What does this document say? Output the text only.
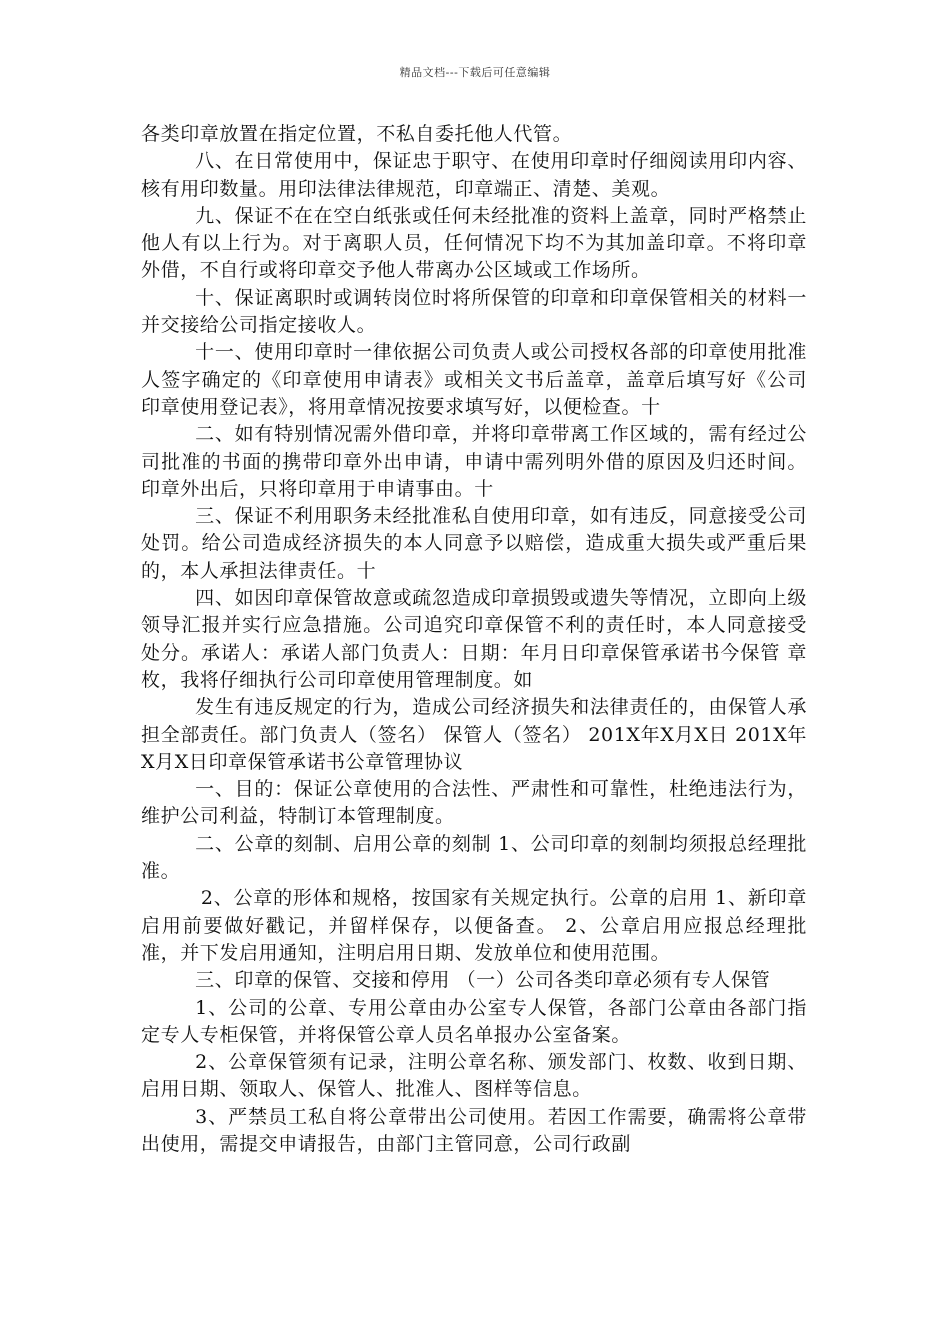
精品文档---下载后可任意编辑

各类印章放置在指定位置，不私自委托他人代管。

八、在日常使用中，保证忠于职守、在使用印章时仔细阅读用印内容、核有用印数量。用印法律法律规范，印章端正、清楚、美观。

九、保证不在在空白纸张或任何未经批准的资料上盖章，同时严格禁止他人有以上行为。对于离职人员，任何情况下均不为其加盖印章。不将印章外借，不自行或将印章交予他人带离办公区域或工作场所。

十、保证离职时或调转岗位时将所保管的印章和印章保管相关的材料一并交接给公司指定接收人。

十一、使用印章时一律依据公司负责人或公司授权各部的印章使用批准人签字确定的《印章使用申请表》或相关文书后盖章，盖章后填写好《公司印章使用登记表》，将用章情况按要求填写好，以便检查。十

二、如有特别情况需外借印章，并将印章带离工作区域的，需有经过公司批准的书面的携带印章外出申请，申请中需列明外借的原因及归还时间。印章外出后，只将印章用于申请事由。十

三、保证不利用职务未经批准私自使用印章，如有违反，同意接受公司处罚。给公司造成经济损失的本人同意予以赔偿，造成重大损失或严重后果的，本人承担法律责任。十

四、如因印章保管故意或疏忽造成印章损毁或遗失等情况，立即向上级领导汇报并实行应急措施。公司追究印章保管不利的责任时，本人同意接受处分。承诺人：承诺人部门负责人：日期：年月日印章保管承诺书今保管 章 枚，我将仔细执行公司印章使用管理制度。如

发生有违反规定的行为，造成公司经济损失和法律责任的，由保管人承担全部责任。部门负责人（签名） 保管人（签名） 201X年X月X日 201X年X月X日印章保管承诺书公章管理协议

一、目的：保证公章使用的合法性、严肃性和可靠性，杜绝违法行为，维护公司利益，特制订本管理制度。

二、公章的刻制、启用公章的刻制 1、公司印章的刻制均须报总经理批准。

2、公章的形体和规格，按国家有关规定执行。公章的启用 1、新印章启用前要做好戳记，并留样保存，以便备查。 2、公章启用应报总经理批准，并下发启用通知，注明启用日期、发放单位和使用范围。

三、印章的保管、交接和停用 （一）公司各类印章必须有专人保管

1、公司的公章、专用公章由办公室专人保管，各部门公章由各部门指定专人专柜保管，并将保管公章人员名单报办公室备案。

2、公章保管须有记录，注明公章名称、颁发部门、枚数、收到日期、启用日期、领取人、保管人、批准人、图样等信息。

3、严禁员工私自将公章带出公司使用。若因工作需要，确需将公章带出使用，需提交申请报告，由部门主管同意，公司行政副
